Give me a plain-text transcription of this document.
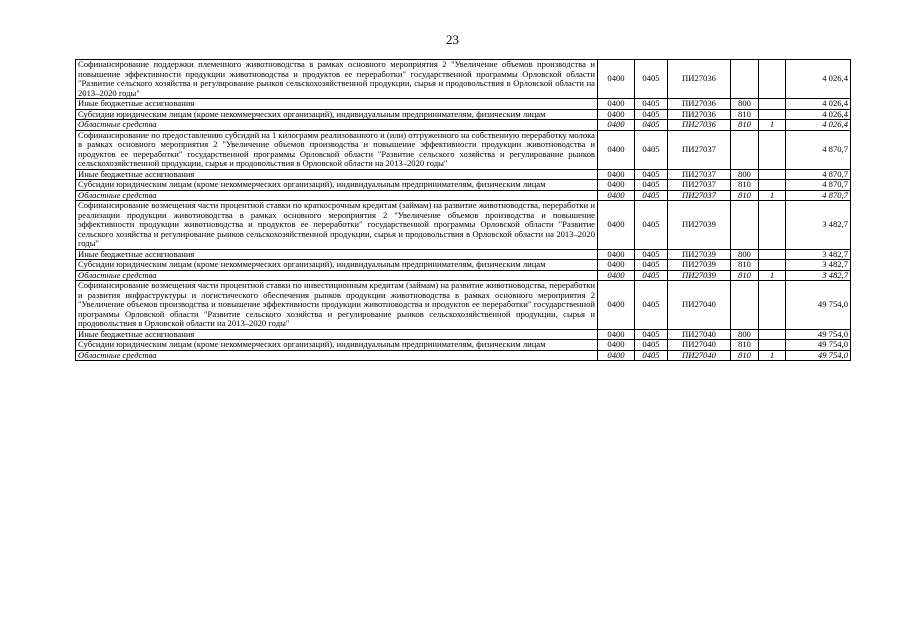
23
Софинансирование поддержки племенного животноводства в рамках основного мероприятия 2 "Увеличение объемов производства и повышение эффективности продукции животноводства и продуктов ее переработки" государственной программы Орловской области "Развитие сельского хозяйства и регулирование рынков сельскохозяйственной продукции, сырья и продовольствия в Орловской области на 2013–2020 годы"	0400	0405	ПИ27036			4 026,4
Иные бюджетные ассигнования	0400	0405	ПИ27036	800		4 026,4
Субсидии юридическим лицам (кроме некоммерческих организаций), индивидуальным предпринимателям, физическим лицам	0400	0405	ПИ27036	810		4 026,4
Областные средства	0400	0405	ПИ27036	810	1	4 026,4
Софинансирование по предоставлению субсидий на 1 килограмм реализованного и (или) отгруженного на собственную переработку молока в рамках основного мероприятия 2 "Увеличение объемов производства и повышение эффективности продукции животноводства и продуктов ее переработки" государственной программы Орловской области "Развитие сельского хозяйства и регулирование рынков сельскохозяйственной продукции, сырья и продовольствия в Орловской области на 2013–2020 годы"	0400	0405	ПИ27037			4 870,7
Иные бюджетные ассигнования	0400	0405	ПИ27037	800		4 870,7
Субсидии юридическим лицам (кроме некоммерческих организаций), индивидуальным предпринимателям, физическим лицам	0400	0405	ПИ27037	810		4 870,7
Областные средства	0400	0405	ПИ27037	810	1	4 870,7
Софинансирование возмещения части процентной ставки по краткосрочным кредитам (займам) на развитие животноводства, переработки и реализации продукции животноводства в рамках основного мероприятия 2 "Увеличение объемов производства и повышение эффективности продукции животноводства и продуктов ее переработки" государственной программы Орловской области "Развитие сельского хозяйства и регулирование рынков сельскохозяйственной продукции, сырья и продовольствия в Орловской области на 2013–2020 годы"	0400	0405	ПИ27039			3 482,7
Иные бюджетные ассигнования	0400	0405	ПИ27039	800		3 482,7
Субсидии юридическим лицам (кроме некоммерческих организаций), индивидуальным предпринимателям, физическим лицам	0400	0405	ПИ27039	810		3 482,7
Областные средства	0400	0405	ПИ27039	810	1	3 482,7
Софинансирование возмещения части процентной ставки по инвестиционным кредитам (займам) на развитие животноводства, переработки и развития инфраструктуры и логистического обеспечения рынков продукции животноводства в рамках основного мероприятия 2 "Увеличение объемов производства и повышение эффективности продукции животноводства и продуктов ее переработки" государственной программы Орловской области "Развитие сельского хозяйства и регулирование рынков сельскохозяйственной продукции, сырья и продовольствия в Орловской области на 2013–2020 годы"	0400	0405	ПИ27040			49 754,0
Иные бюджетные ассигнования	0400	0405	ПИ27040	800		49 754,0
Субсидии юридическим лицам (кроме некоммерческих организаций), индивидуальным предпринимателям, физическим лицам	0400	0405	ПИ27040	810		49 754,0
Областные средства	0400	0405	ПИ27040	810	1	49 754,0
